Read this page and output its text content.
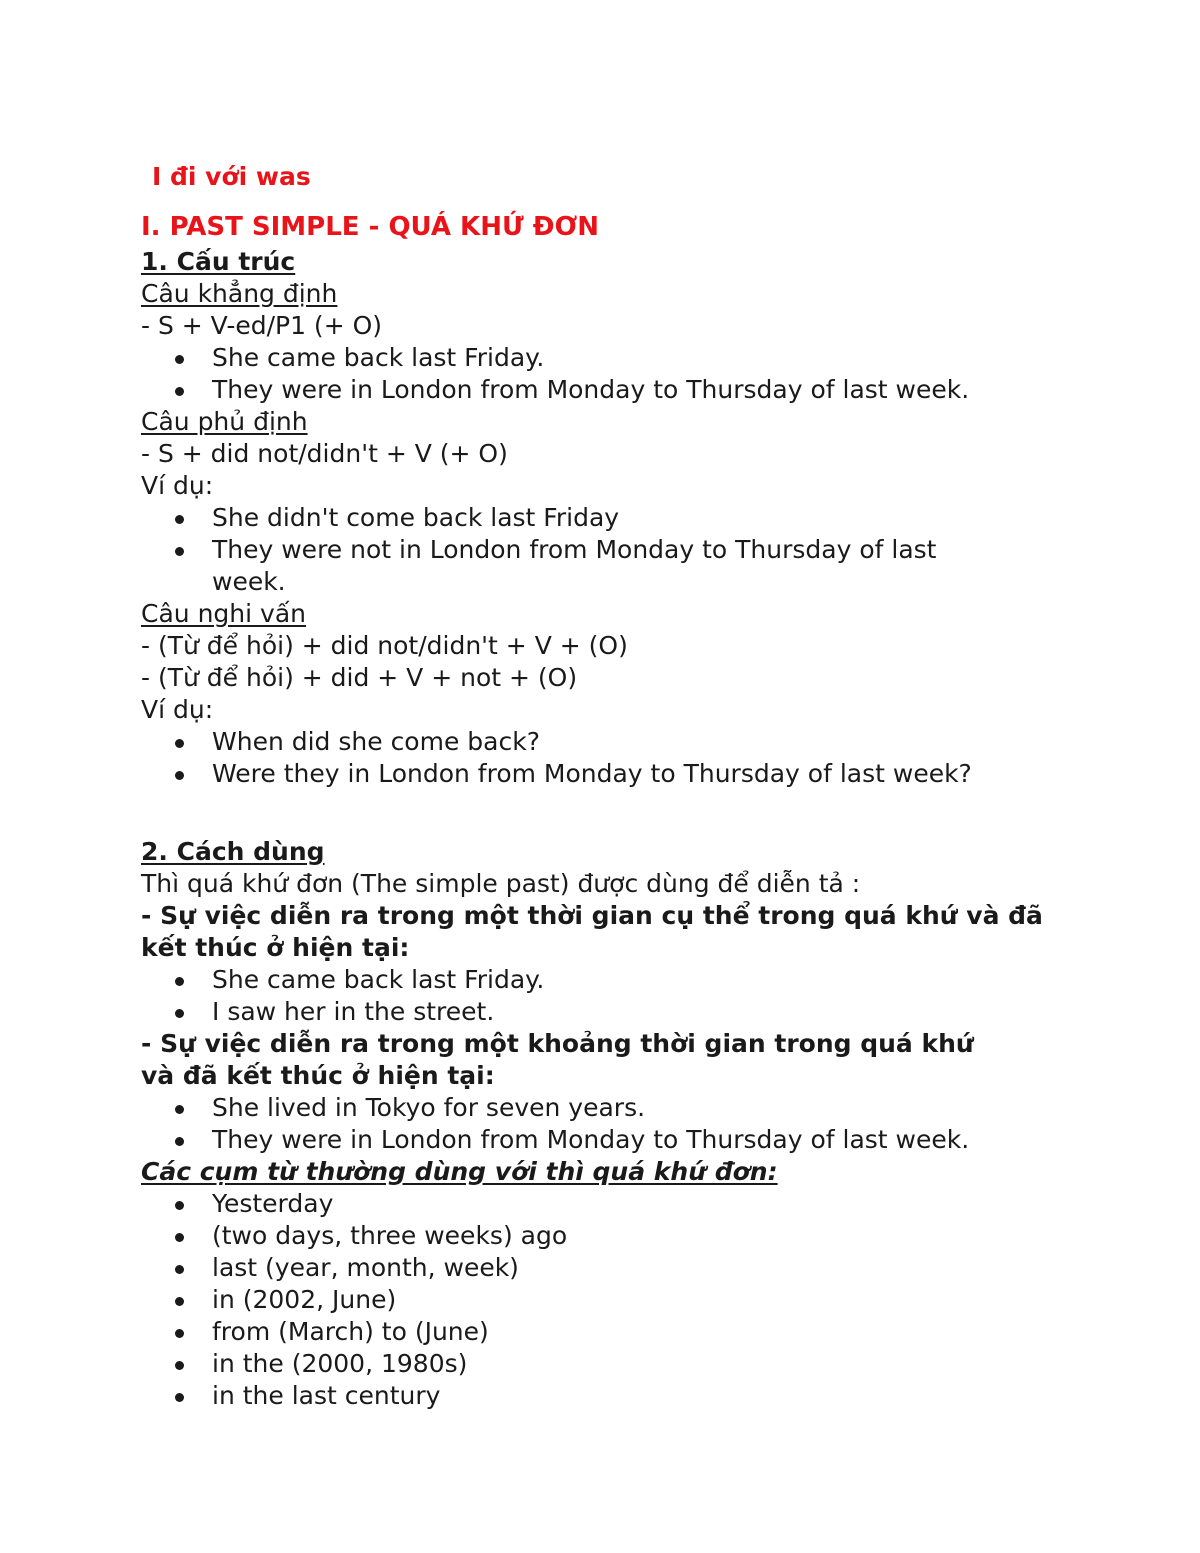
I đi với was

I. PAST SIMPLE - QUÁ KHỨ ĐƠN

1. Cấu trúc

Câu khẳng định

- S + V-ed/P1 (+ O)

She came back last Friday.
They were in London from Monday to Thursday of last week.

Câu phủ định

- S + did not/didn't + V (+ O)

Ví dụ:

She didn't come back last Friday
They were not in London from Monday to Thursday of last week.

Câu nghi vấn

- (Từ để hỏi) + did not/didn't + V + (O)

- (Từ để hỏi) + did + V + not + (O)

Ví dụ:

When did she come back?
Were they in London from Monday to Thursday of last week?

2. Cách dùng

Thì quá khứ đơn (The simple past) được dùng để diễn tả :

- Sự việc diễn ra trong một thời gian cụ thể trong quá khứ và đã kết thúc ở hiện tại:

She came back last Friday.
I saw her in the street.

- Sự việc diễn ra trong một khoảng thời gian trong quá khứ và đã kết thúc ở hiện tại:

She lived in Tokyo for seven years.
They were in London from Monday to Thursday of last week.

Các cụm từ thường dùng với thì quá khứ đơn:

Yesterday
(two days, three weeks) ago
last (year, month, week)
in (2002, June)
from (March) to (June)
in the (2000, 1980s)
in the last century
